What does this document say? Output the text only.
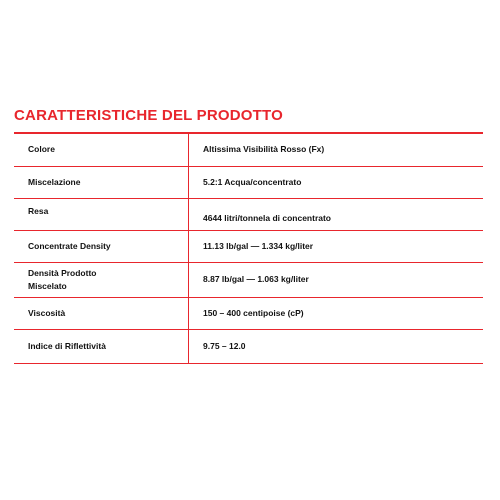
CARATTERISTICHE DEL PRODOTTO
Colore	Altissima Visibilità Rosso (Fx)
Miscelazione	5.2:1 Acqua/concentrato
Resa	4644 litri/tonnela di concentrato
Concentrate Density	11.13 lb/gal — 1.334 kg/liter

Densità Prodotto
Miscelato	8.87 lb/gal — 1.063 kg/liter
Viscosità	150 – 400 centipoise (cP)
Indice di Riflettività	9.75 – 12.0
